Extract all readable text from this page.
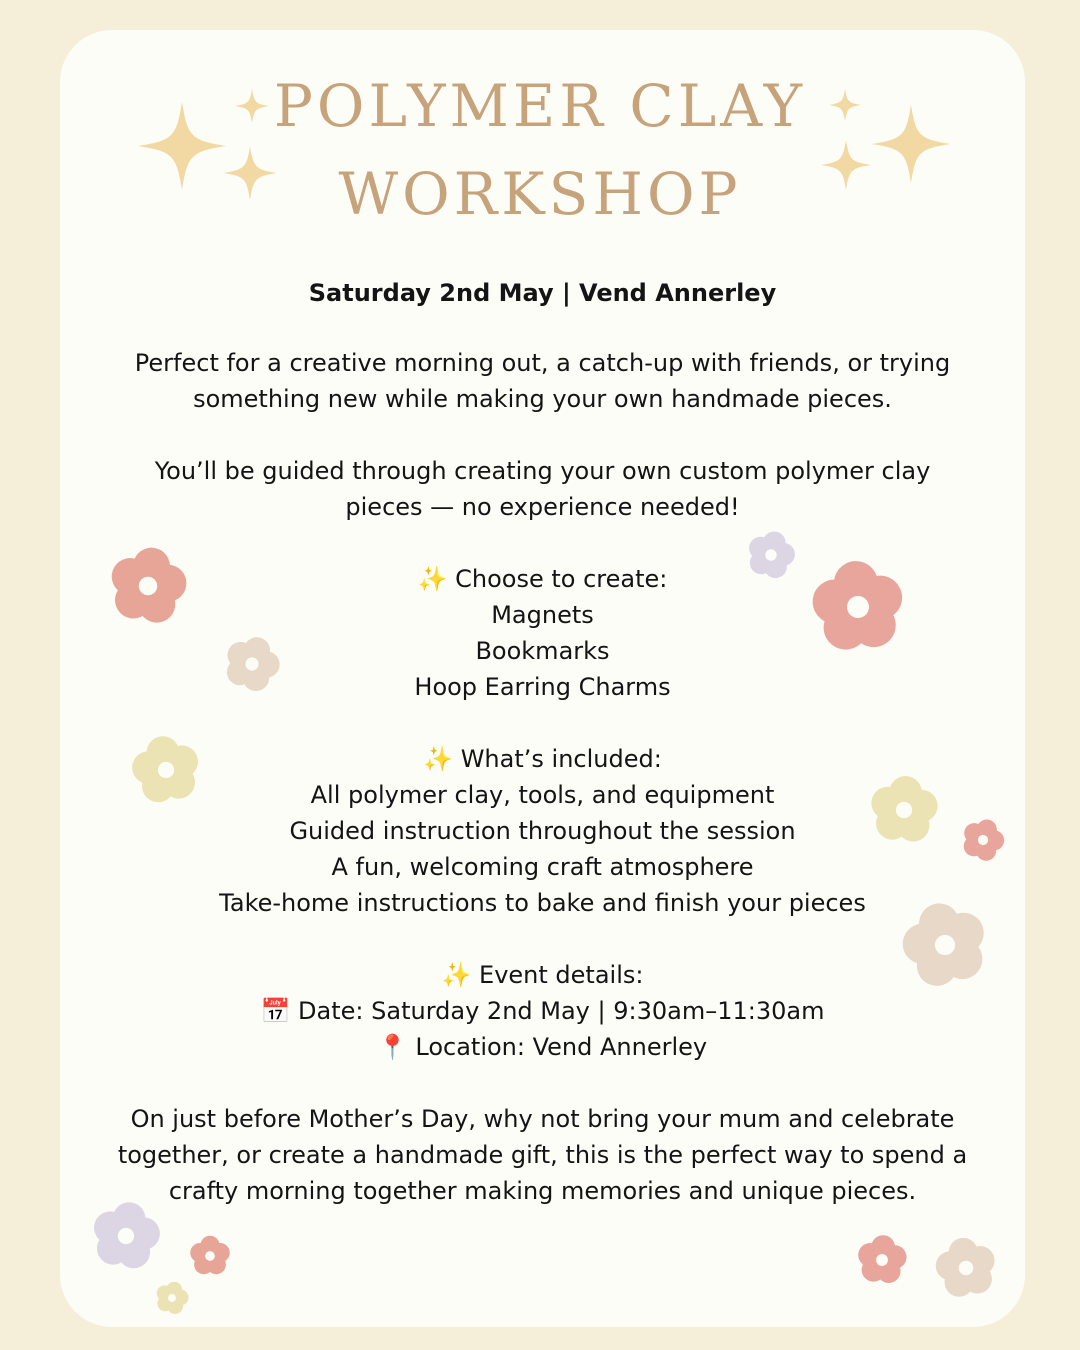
POLYMER CLAY
WORKSHOP

Saturday 2nd May | Vend Annerley

Perfect for a creative morning out, a catch-up with friends, or trying

something new while making your own handmade pieces.

You’ll be guided through creating your own custom polymer clay

pieces — no experience needed!

✨ Choose to create:

Magnets

Bookmarks

Hoop Earring Charms

✨ What’s included:

All polymer clay, tools, and equipment

Guided instruction throughout the session

A fun, welcoming craft atmosphere

Take-home instructions to bake and finish your pieces

✨ Event details:

📅 Date: Saturday 2nd May | 9:30am–11:30am

📍 Location: Vend Annerley

On just before Mother’s Day, why not bring your mum and celebrate

together, or create a handmade gift, this is the perfect way to spend a

crafty morning together making memories and unique pieces.
